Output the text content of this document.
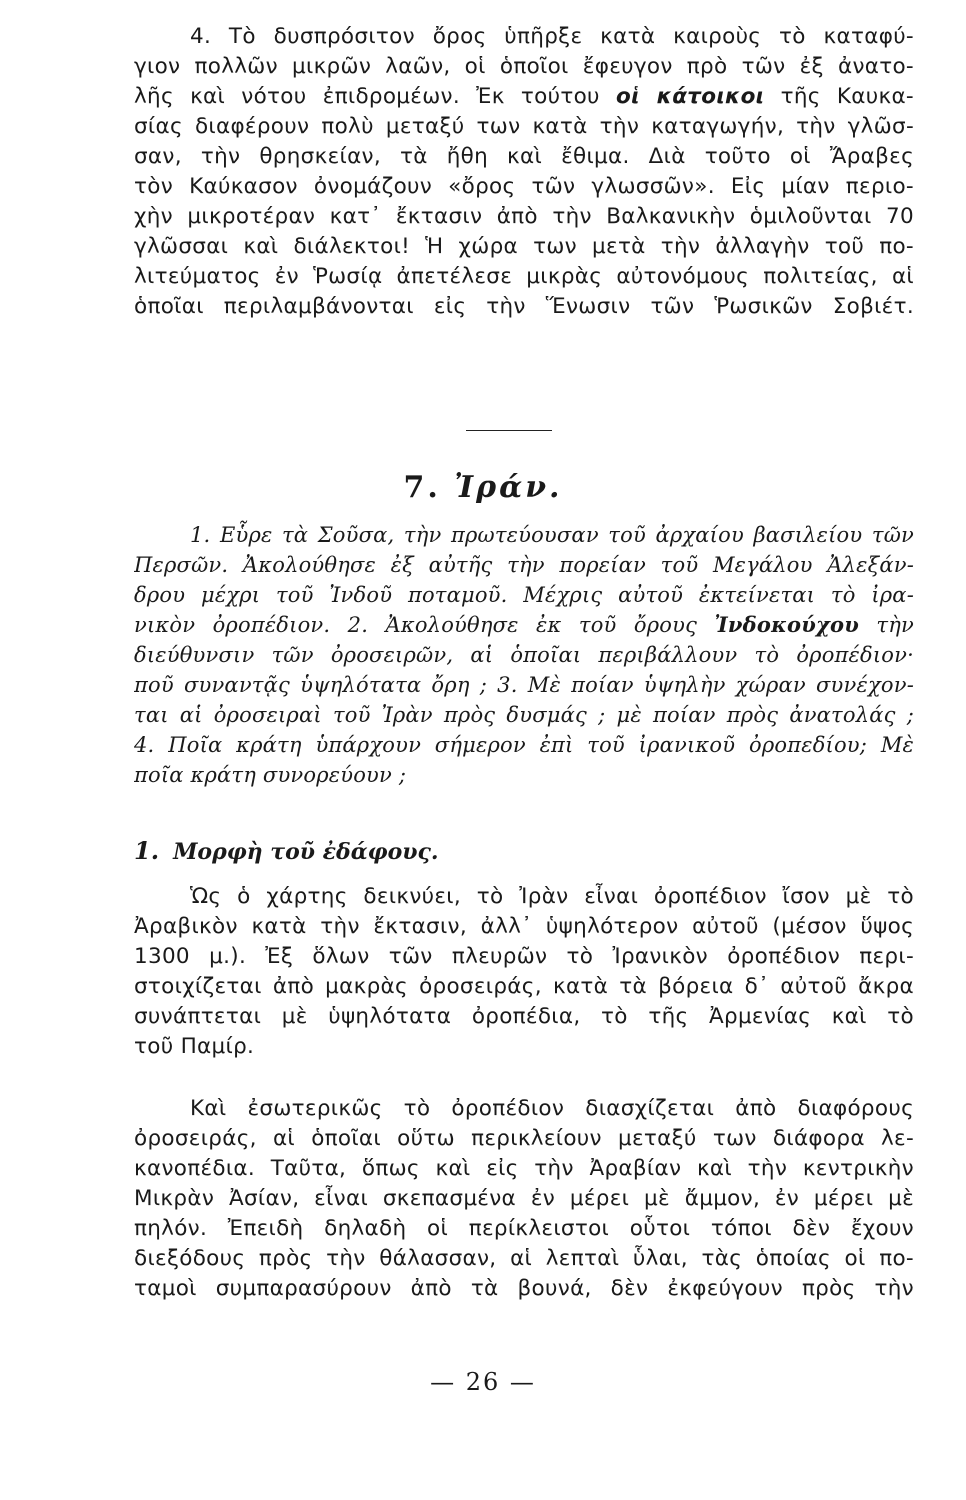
4. Τὸ δυσπρόσιτον ὄρος ὑπῆρξε κατὰ καιροὺς τὸ καταφύ-
γιον πολλῶν μικρῶν λαῶν, οἱ ὁποῖοι ἔφευγον πρὸ τῶν ἐξ ἀνατο-
λῆς καὶ νότου ἐπιδρομέων. Ἐκ τούτου οἱ κάτοικοι τῆς Καυκα-
σίας διαφέρουν πολὺ μεταξύ των κατὰ τὴν καταγωγήν, τὴν γλῶσ-
σαν, τὴν θρησκείαν, τὰ ἤθη καὶ ἔθιμα. Διὰ τοῦτο οἱ Ἄραβες
τὸν Καύκασον ὀνομάζουν «ὄρος τῶν γλωσσῶν». Εἰς μίαν περιο-
χὴν μικροτέραν κατ᾽ ἔκτασιν ἀπὸ τὴν Βαλκανικὴν ὁμιλοῦνται 70
γλῶσσαι καὶ διάλεκτοι! Ἡ χώρα των μετὰ τὴν ἀλλαγὴν τοῦ πο-
λιτεύματος ἐν Ῥωσίᾳ ἀπετέλεσε μικρὰς αὐτονόμους πολιτείας, αἱ
ὁποῖαι περιλαμβάνονται εἰς τὴν Ἕνωσιν τῶν Ῥωσικῶν Σοβιέτ.
7. Ἰράν.
1. Εὗρε τὰ Σοῦσα, τὴν πρωτεύουσαν τοῦ ἀρχαίου βασιλείου τῶν
Περσῶν. Ἀκολούθησε ἐξ αὐτῆς τὴν πορείαν τοῦ Μεγάλου Ἀλεξάν-
δρου μέχρι τοῦ Ἰνδοῦ ποταμοῦ. Μέχρις αὐτοῦ ἐκτείνεται τὸ ἰρα-
νικὸν ὀροπέδιον. 2. Ἀκολούθησε ἐκ τοῦ ὄρους Ἰνδοκούχου τὴν
διεύθυνσιν τῶν ὀροσειρῶν, αἱ ὁποῖαι περιβάλλουν τὸ ὀροπέδιον·
ποῦ συναντᾷς ὑψηλότατα ὄρη ; 3. Μὲ ποίαν ὑψηλὴν χώραν συνέχον-
ται αἱ ὀροσειραὶ τοῦ Ἰρὰν πρὸς δυσμάς ; μὲ ποίαν πρὸς ἀνατολάς ;
4. Ποῖα κράτη ὑπάρχουν σήμερον ἐπὶ τοῦ ἰρανικοῦ ὀροπεδίου; Μὲ
ποῖα κράτη συνορεύουν ;
1. Μορφὴ τοῦ ἐδάφους.
Ὡς ὁ χάρτης δεικνύει, τὸ Ἰρὰν εἶναι ὀροπέδιον ἴσον μὲ τὸ
Ἀραβικὸν κατὰ τὴν ἔκτασιν, ἀλλ᾽ ὑψηλότερον αὐτοῦ (μέσον ὕψος
1300 μ.). Ἐξ ὅλων τῶν πλευρῶν τὸ Ἰρανικὸν ὀροπέδιον περι-
στοιχίζεται ἀπὸ μακρὰς ὀροσειράς, κατὰ τὰ βόρεια δ᾽ αὐτοῦ ἄκρα
συνάπτεται μὲ ὑψηλότατα ὀροπέδια, τὸ τῆς Ἀρμενίας καὶ τὸ
τοῦ Παμίρ.
Καὶ ἐσωτερικῶς τὸ ὀροπέδιον διασχίζεται ἀπὸ διαφόρους
ὀροσειράς, αἱ ὁποῖαι οὕτω περικλείουν μεταξύ των διάφορα λε-
κανοπέδια. Ταῦτα, ὅπως καὶ εἰς τὴν Ἀραβίαν καὶ τὴν κεντρικὴν
Μικρὰν Ἀσίαν, εἶναι σκεπασμένα ἐν μέρει μὲ ἄμμον, ἐν μέρει μὲ
πηλόν. Ἐπειδὴ δηλαδὴ οἱ περίκλειστοι οὗτοι τόποι δὲν ἔχουν
διεξόδους πρὸς τὴν θάλασσαν, αἱ λεπταὶ ὗλαι, τὰς ὁποίας οἱ πο-
ταμοὶ συμπαρασύρουν ἀπὸ τὰ βουνά, δὲν ἐκφεύγουν πρὸς τὴν
— 26 —
